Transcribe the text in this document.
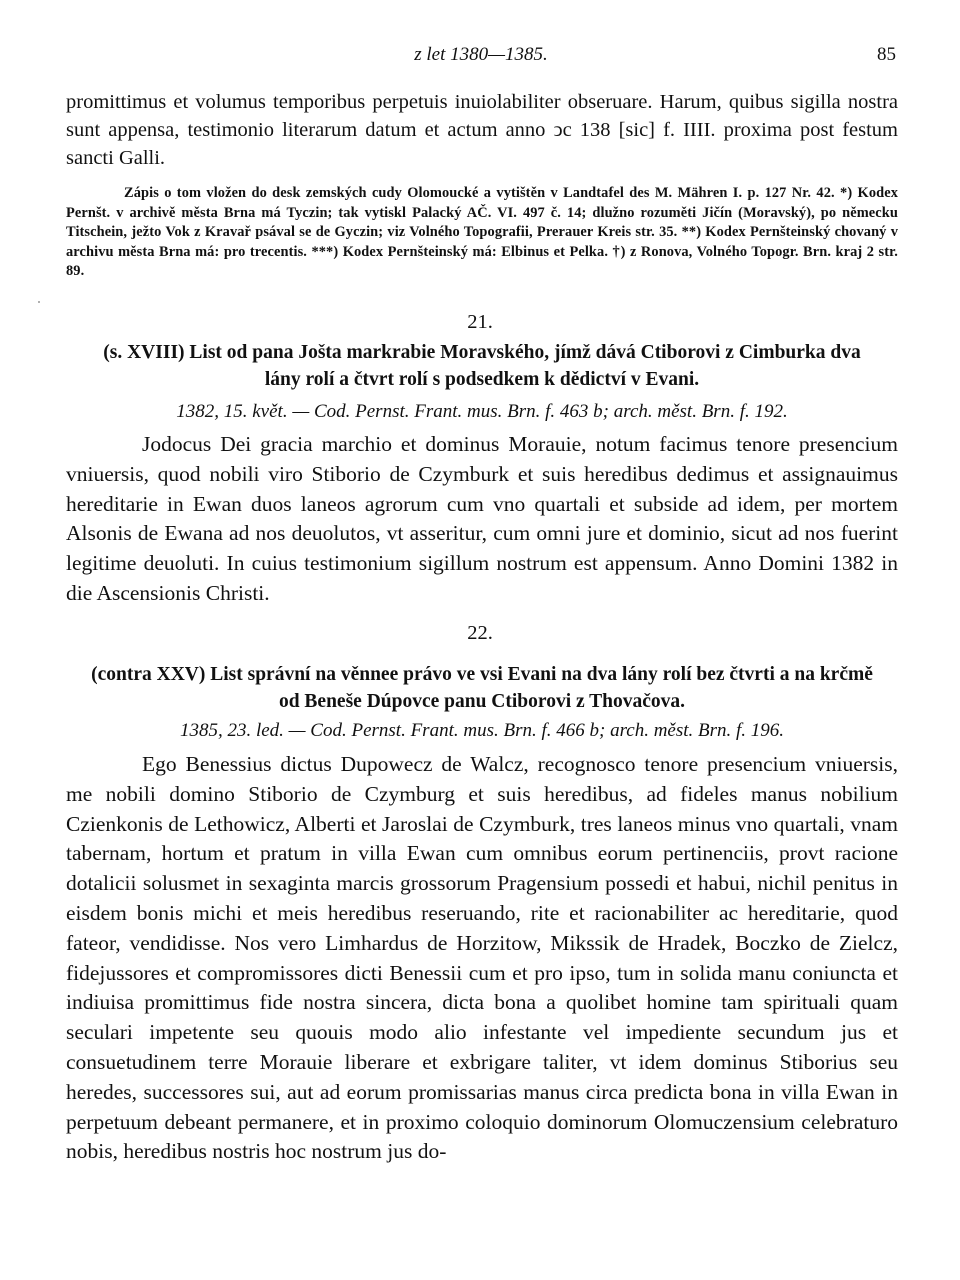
z let 1380—1385.	85
promittimus et volumus temporibus perpetuis inuiolabiliter obseruare. Harum, quibus sigilla nostra sunt appensa, testimonio literarum datum et actum anno ↄc 138 [sic] f. IIII. proxima post festum sancti Galli.
Zápis o tom vložen do desk zemských cudy Olomoucké a vytištěn v Landtafel des M. Mähren I. p. 127 Nr. 42. *) Kodex Pernšt. v archivě města Brna má Tyczin; tak vytiskl Palacký AČ. VI. 497 č. 14; dlužno rozuměti Jičín (Moravský), po německu Titschein, ježto Vok z Kravař psával se de Gyczin; viz Volného Topografii, Prerauer Kreis str. 35. **) Kodex Pernšteinský chovaný v archivu města Brna má: pro trecentis. ***) Kodex Pernšteinský má: Elbinus et Pelka. †) z Ronova, Volného Topogr. Brn. kraj 2 str. 89.
21.
(s. XVIII) List od pana Jošta markrabie Moravského, jímž dává Ctiborovi z Cimburka dva
lány rolí a čtvrt rolí s podsedkem k dědictví v Evani.
1382, 15. květ. — Cod. Pernst. Frant. mus. Brn. f. 463 b; arch. měst. Brn. f. 192.
Jodocus Dei gracia marchio et dominus Morauie, notum facimus tenore presencium vniuersis, quod nobili viro Stiborio de Czymburk et suis heredibus dedimus et assignauimus hereditarie in Ewan duos laneos agrorum cum vno quartali et subside ad idem, per mortem Alsonis de Ewana ad nos deuolutos, vt asseritur, cum omni jure et dominio, sicut ad nos fuerint legitime deuoluti. In cuius testimonium sigillum nostrum est appensum. Anno Domini 1382 in die Ascensionis Christi.
22.
(contra XXV) List správní na věnnee právo ve vsi Evani na dva lány rolí bez čtvrti a na krčmě
od Beneše Dúpovce panu Ctiborovi z Thovačova.
1385, 23. led. — Cod. Pernst. Frant. mus. Brn. f. 466 b; arch. měst. Brn. f. 196.
Ego Benessius dictus Dupowecz de Walcz, recognosco tenore presencium vniuersis, me nobili domino Stiborio de Czymburg et suis heredibus, ad fideles manus nobilium Czienkonis de Lethowicz, Alberti et Jaroslai de Czymburk, tres laneos minus vno quartali, vnam tabernam, hortum et pratum in villa Ewan cum omnibus eorum pertinenciis, provt racione dotalicii solusmet in sexaginta marcis grossorum Pragensium possedi et habui, nichil penitus in eisdem bonis michi et meis heredibus reseruando, rite et racionabiliter ac hereditarie, quod fateor, vendidisse. Nos vero Limhardus de Horzitow, Mikssik de Hradek, Boczko de Zielcz, fidejussores et compromissores dicti Benessii cum et pro ipso, tum in solida manu coniuncta et indiuisa promittimus fide nostra sincera, dicta bona a quolibet homine tam spirituali quam seculari impetente seu quouis modo alio infestante vel impediente secundum jus et consuetudinem terre Morauie liberare et exbrigare taliter, vt idem dominus Stiborius seu heredes, successores sui, aut ad eorum promissarias manus circa predicta bona in villa Ewan in perpetuum debeant permanere, et in proximo coloquio dominorum Olomuczensium celebraturo nobis, heredibus nostris hoc nostrum jus do-
